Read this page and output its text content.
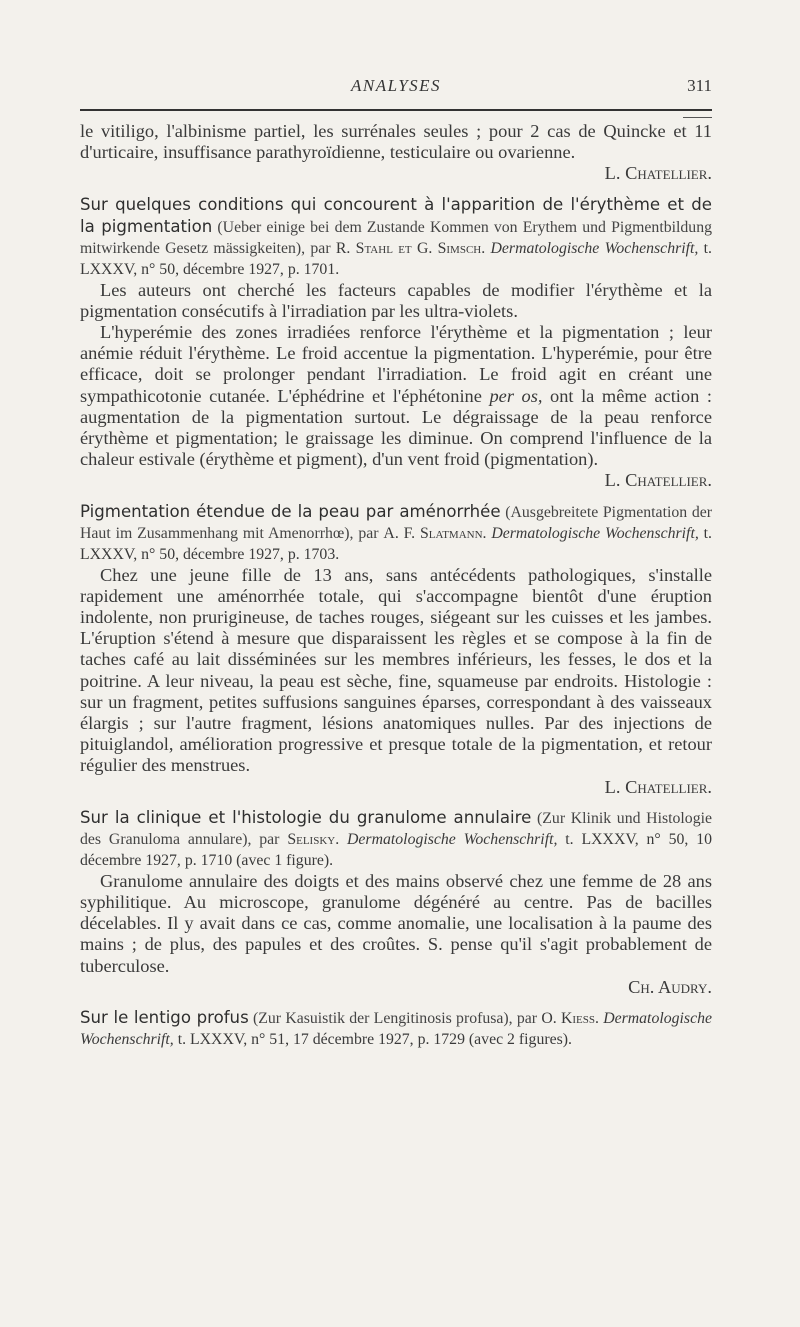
ANALYSES	311

le vitiligo, l'albinisme partiel, les surrénales seules ; pour 2 cas de Quincke et 11 d'urticaire, insuffisance parathyroïdienne, testiculaire ou ovarienne.

L. Chatellier.

Sur quelques conditions qui concourent à l'apparition de l'érythème et de la pigmentation (Ueber einige bei dem Zustande Kommen von Erythem und Pigmentbildung mitwirkende Gesetz mässigkeiten), par R. Stahl et G. Simsch. Dermatologische Wochenschrift, t. LXXXV, n° 50, décembre 1927, p. 1701.

Les auteurs ont cherché les facteurs capables de modifier l'érythème et la pigmentation consécutifs à l'irradiation par les ultra-violets.

L'hyperémie des zones irradiées renforce l'érythème et la pigmentation ; leur anémie réduit l'érythème. Le froid accentue la pigmentation. L'hyperémie, pour être efficace, doit se prolonger pendant l'irradiation. Le froid agit en créant une sympathicotonie cutanée. L'éphédrine et l'éphétonine per os, ont la même action : augmentation de la pigmentation surtout. Le dégraissage de la peau renforce érythème et pigmentation; le graissage les diminue. On comprend l'influence de la chaleur estivale (érythème et pigment), d'un vent froid (pigmentation).

L. Chatellier.

Pigmentation étendue de la peau par aménorrhée (Ausgebreitete Pigmentation der Haut im Zusammenhang mit Amenorrhœ), par A. F. Slatmann. Dermatologische Wochenschrift, t. LXXXV, n° 50, décembre 1927, p. 1703.

Chez une jeune fille de 13 ans, sans antécédents pathologiques, s'installe rapidement une aménorrhée totale, qui s'accompagne bientôt d'une éruption indolente, non prurigineuse, de taches rouges, siégeant sur les cuisses et les jambes. L'éruption s'étend à mesure que disparaissent les règles et se compose à la fin de taches café au lait disséminées sur les membres inférieurs, les fesses, le dos et la poitrine. A leur niveau, la peau est sèche, fine, squameuse par endroits. Histologie : sur un fragment, petites suffusions sanguines éparses, correspondant à des vaisseaux élargis ; sur l'autre fragment, lésions anatomiques nulles. Par des injections de pituiglandol, amélioration progressive et presque totale de la pigmentation, et retour régulier des menstrues.

L. Chatellier.

Sur la clinique et l'histologie du granulome annulaire (Zur Klinik und Histologie des Granuloma annulare), par Selisky. Dermatologische Wochenschrift, t. LXXXV, n° 50, 10 décembre 1927, p. 1710 (avec 1 figure).

Granulome annulaire des doigts et des mains observé chez une femme de 28 ans syphilitique. Au microscope, granulome dégénéré au centre. Pas de bacilles décelables. Il y avait dans ce cas, comme anomalie, une localisation à la paume des mains ; de plus, des papules et des croûtes. S. pense qu'il s'agit probablement de tuberculose.

Ch. Audry.

Sur le lentigo profus (Zur Kasuistik der Lengitinosis profusa), par O. Kiess. Dermatologische Wochenschrift, t. LXXXV, n° 51, 17 décembre 1927, p. 1729 (avec 2 figures).
